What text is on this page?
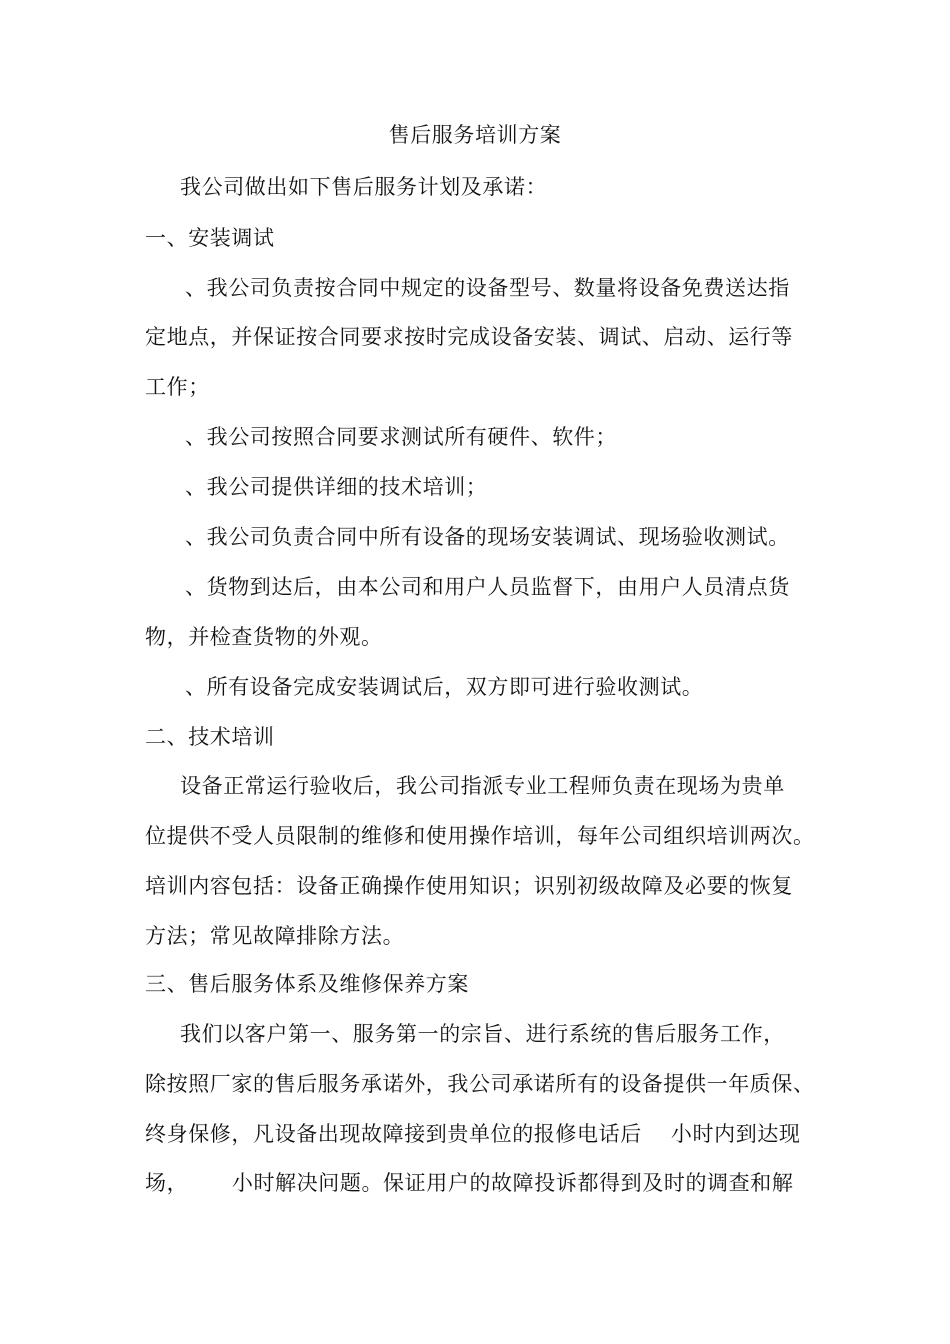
售后服务培训方案
我公司做出如下售后服务计划及承诺：
一、安装调试
、我公司负责按合同中规定的设备型号、数量将设备免费送达指
定地点，并保证按合同要求按时完成设备安装、调试、启动、运行等
工作；
、我公司按照合同要求测试所有硬件、软件；
、我公司提供详细的技术培训；
、我公司负责合同中所有设备的现场安装调试、现场验收测试。
、货物到达后，由本公司和用户人员监督下，由用户人员清点货
物，并检查货物的外观。
、所有设备完成安装调试后，双方即可进行验收测试。
二、技术培训
设备正常运行验收后，我公司指派专业工程师负责在现场为贵单
位提供不受人员限制的维修和使用操作培训，每年公司组织培训两次。
培训内容包括：设备正确操作使用知识；识别初级故障及必要的恢复
方法；常见故障排除方法。
三、售后服务体系及维修保养方案
我们以客户第一、服务第一的宗旨、进行系统的售后服务工作，
除按照厂家的售后服务承诺外，我公司承诺所有的设备提供一年质保、
终身保修，凡设备出现故障接到贵单位的报修电话后    小时内到达现
场，      小时解决问题。保证用户的故障投诉都得到及时的调查和解
